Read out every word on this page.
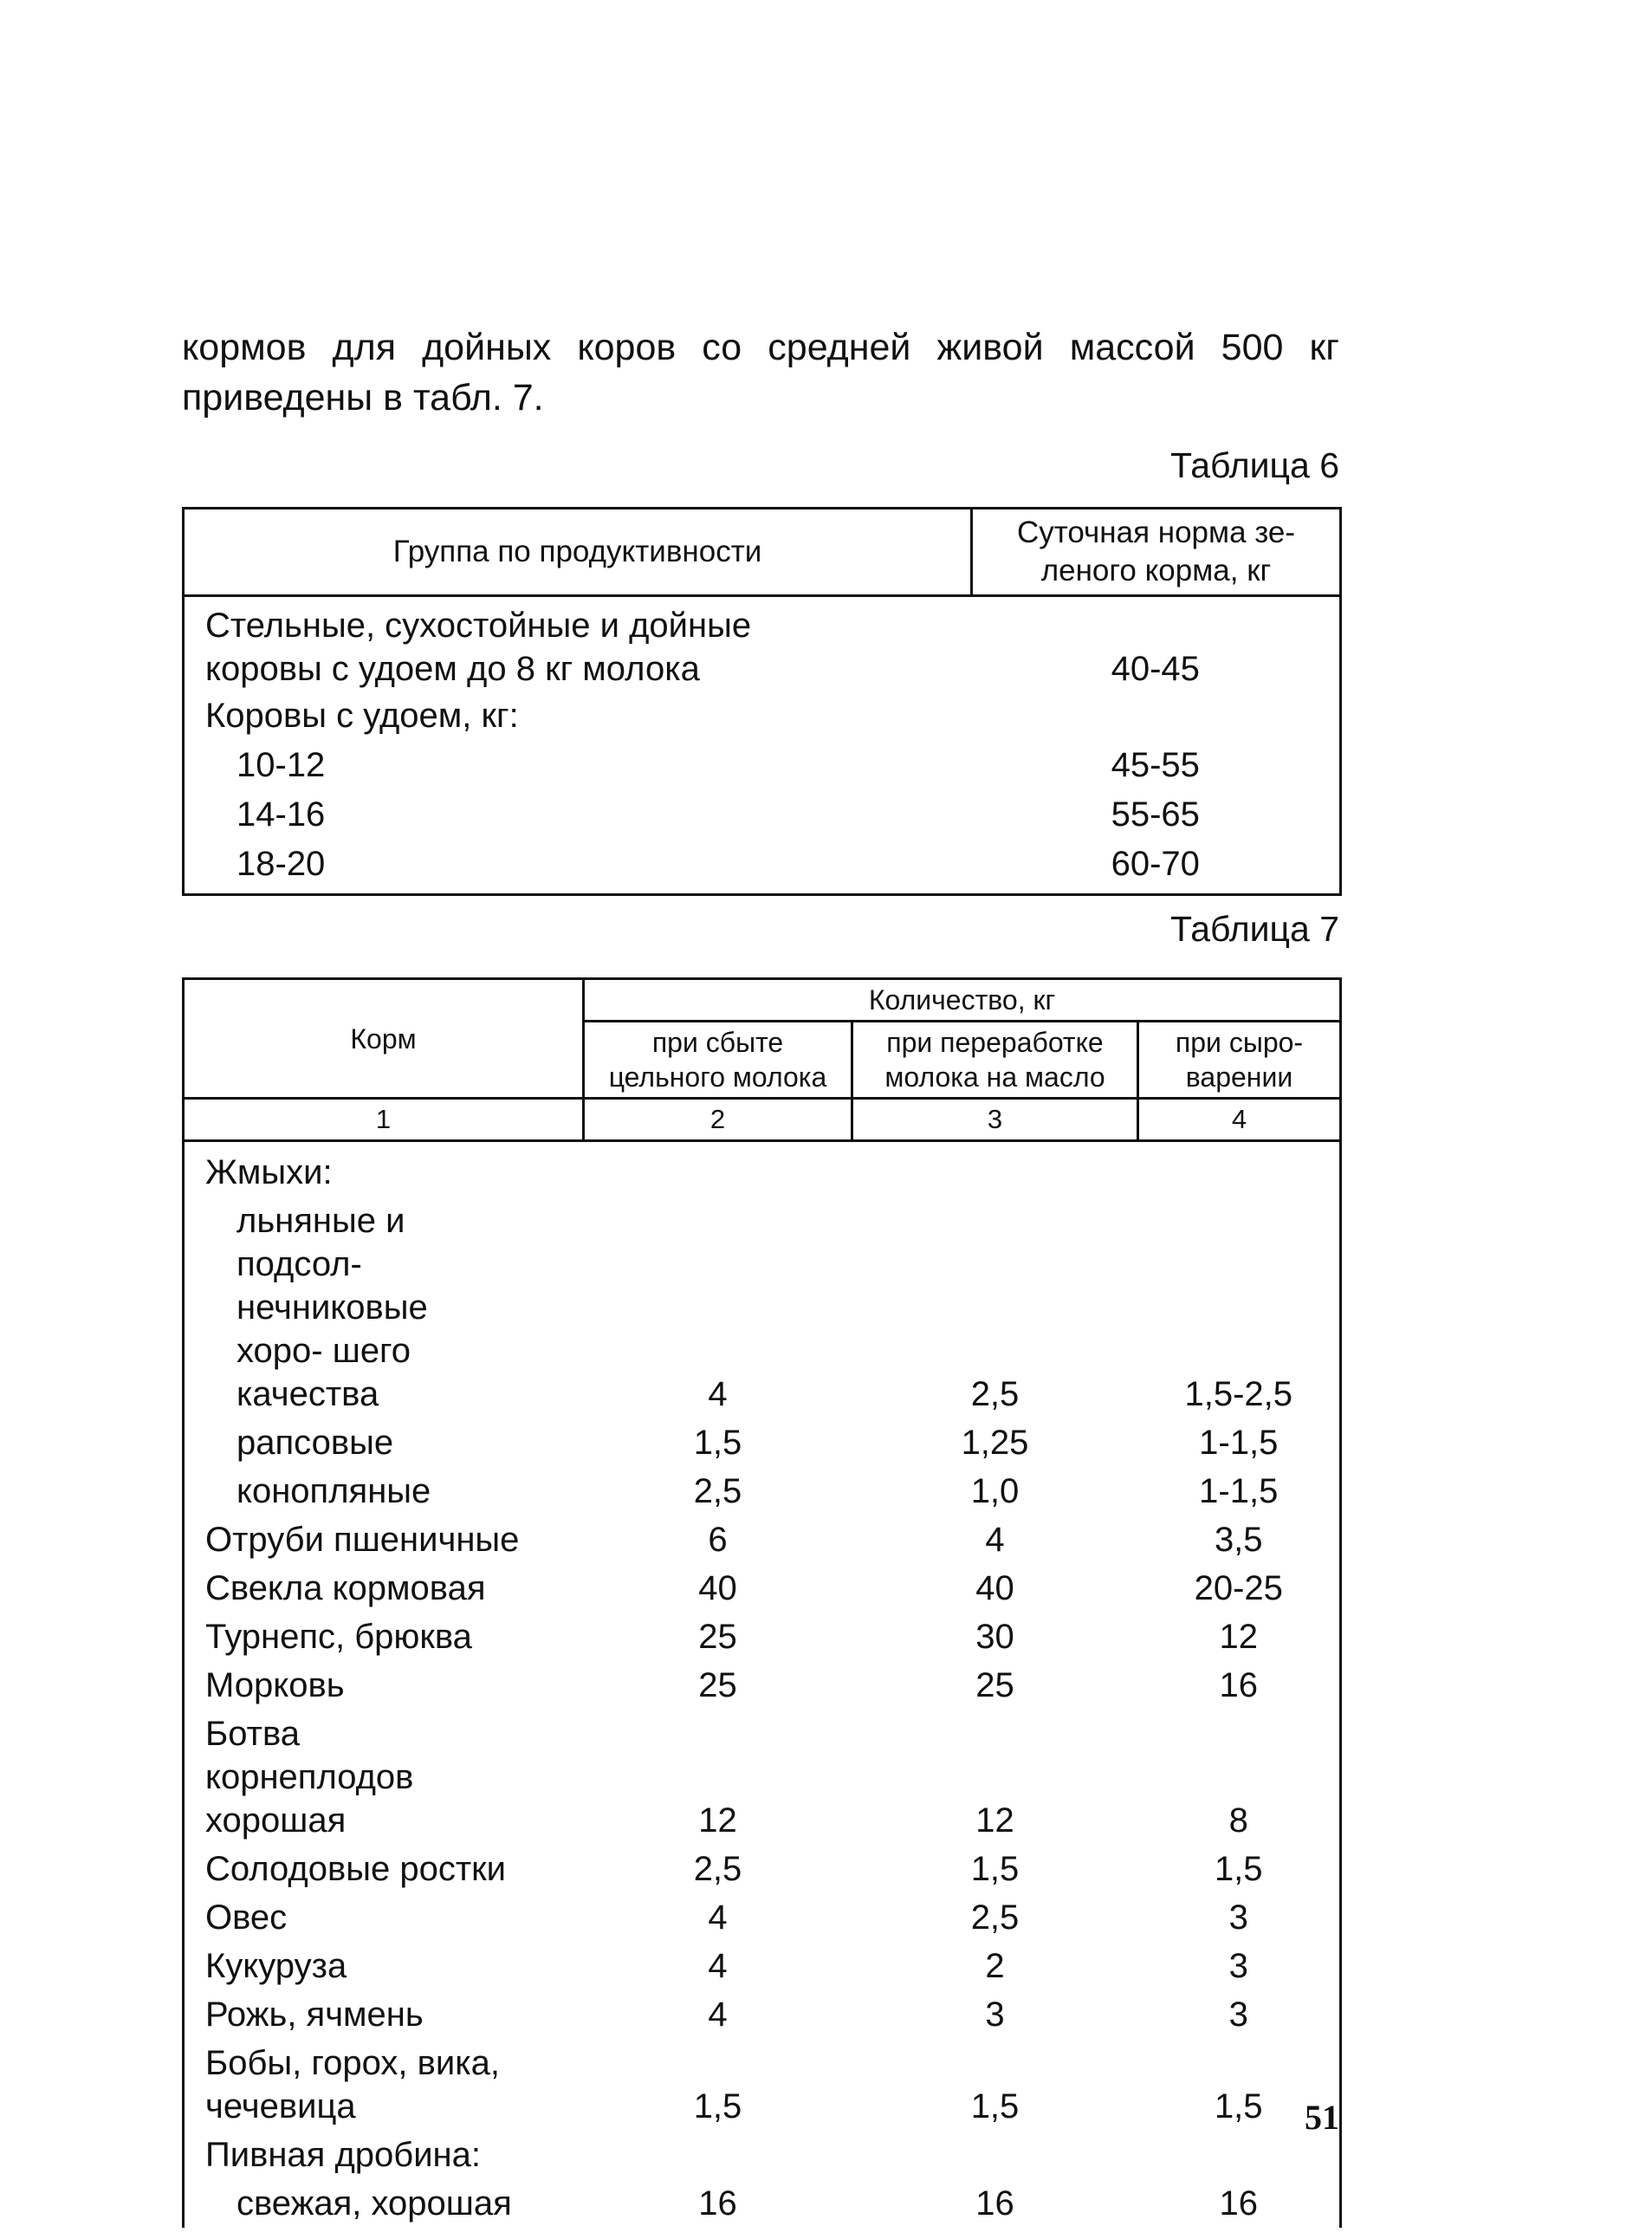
кормов для дойных коров со средней живой массой 500 кг приведены в табл. 7.
Таблица 6
Группа по продуктивности	Суточная норма зе- леного корма, кг
Стельные, сухостойные и дойные коровы с удоем до 8 кг молока	40-45
Коровы с удоем, кг:	
10-12	45-55
14-16	55-65
18-20	60-70
Таблица 7
Корм	Количество, кг		
	при сбыте цельного молока	при переработке молока на масло	при сыро- варении
1	2	3	4
Жмыхи:			
льняные и подсол- нечниковые хоро- шего качества	4	2,5	1,5-2,5
рапсовые	1,5	1,25	1-1,5
конопляные	2,5	1,0	1-1,5
Отруби пшеничные	6	4	3,5
Свекла кормовая	40	40	20-25
Турнепс, брюква	25	30	12
Морковь	25	25	16
Ботва корнеплодов хорошая	12	12	8
Солодовые ростки	2,5	1,5	1,5
Овес	4	2,5	3
Кукуруза	4	2	3
Рожь, ячмень	4	3	3
Бобы, горох, вика, чечевица	1,5	1,5	1,5
Пивная дробина:			
свежая, хорошая	16	16	16
51
